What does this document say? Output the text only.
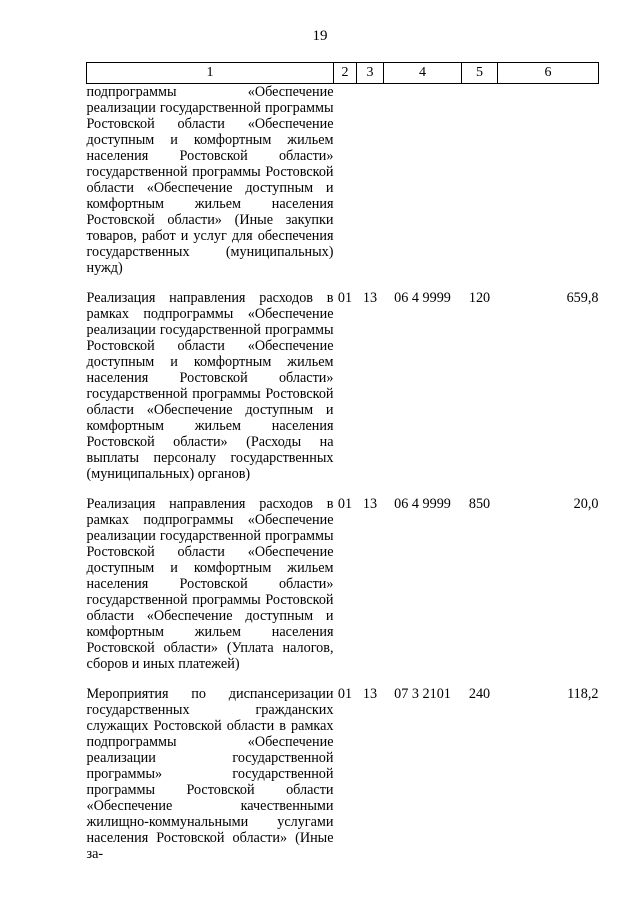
19
1	2	3	4	5	6
подпрограммы «Обеспечение реализации государственной программы Ростовской области «Обеспечение доступным и комфортным жильем населения Ростовской области» государственной программы Ростовской области «Обеспечение доступным и комфортным жильем населения Ростовской области» (Иные закупки товаров, работ и услуг для обеспечения государственных (муниципальных) нужд)					

Реализация направления расходов в рамках подпрограммы «Обеспечение реализации государственной программы Ростовской области «Обеспечение доступным и комфортным жильем населения Ростовской области» государственной программы Ростовской области «Обеспечение доступным и комфортным жильем населения Ростовской области» (Расходы на выплаты персоналу государственных (муниципальных) органов)	01	13	06 4 9999	120	659,8

Реализация направления расходов в рамках подпрограммы «Обеспечение реализации государственной программы Ростовской области «Обеспечение доступным и комфортным жильем населения Ростовской области» государственной программы Ростовской области «Обеспечение доступным и комфортным жильем населения Ростовской области» (Уплата налогов, сборов и иных платежей)	01	13	06 4 9999	850	20,0

Мероприятия по диспансеризации государственных гражданских служащих Ростовской области в рамках подпрограммы «Обеспечение реализации государственной программы» государственной программы Ростовской области «Обеспечение качественными жилищно-коммунальными услугами населения Ростовской области» (Иные за-	01	13	07 3 2101	240	118,2
